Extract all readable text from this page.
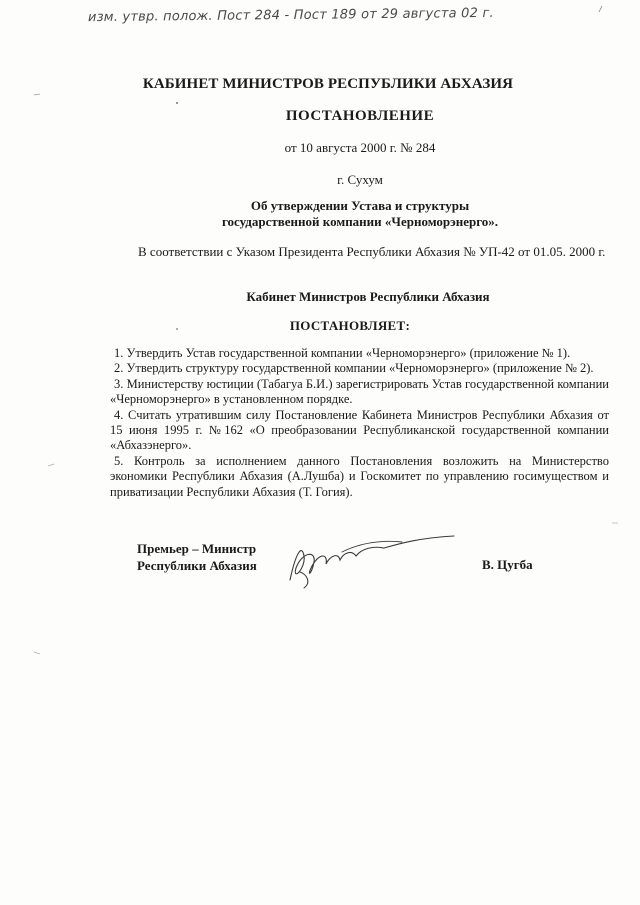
изм. утвр. полож. Пост 284 - Пост 189 от 29 августа 02 г.
КАБИНЕТ МИНИСТРОВ РЕСПУБЛИКИ АБХАЗИЯ
ПОСТАНОВЛЕНИЕ
от 10 августа 2000 г. № 284
г. Сухум
Об утверждении Устава и структуры
государственной компании «Черноморэнерго».
В соответствии с Указом Президента Республики Абхазия № УП-42 от 01.05. 2000 г.
Кабинет Министров Республики Абхазия
ПОСТАНОВЛЯЕТ:

1. Утвердить Устав государственной компании «Черноморэнерго» (приложение № 1).

2. Утвердить структуру государственной компании «Черноморэнерго» (приложение № 2).

3. Министерству юстиции (Табагуа Б.И.) зарегистрировать Устав государственной компании «Черноморэнерго» в установленном порядке.

4. Считать утратившим силу Постановление Кабинета Министров Республики Абхазия от 15 июня 1995 г. №162 «О преобразовании Республиканской государственной компании «Абхазэнерго».

5. Контроль за исполнением данного Постановления возложить на Министерство экономики Республики Абхазия (А.Лушба) и Госкомитет по управлению госимуществом и приватизации Республики Абхазия (Т. Гогия).

Премьер – Министр
Республики Абхазия	В. Цугба
